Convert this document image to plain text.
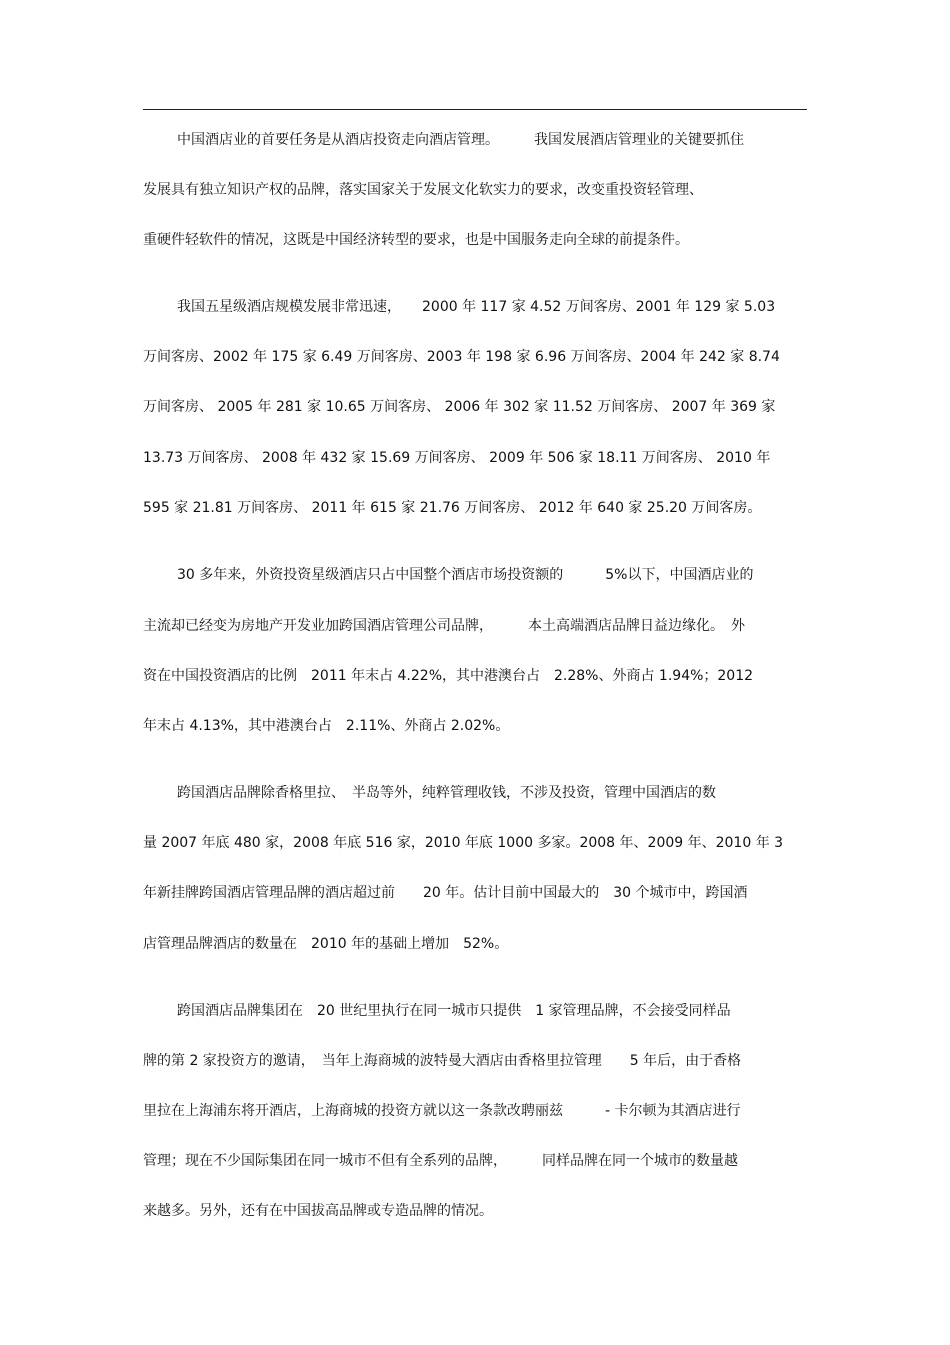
中国酒店业的首要任务是从酒店投资走向酒店管理。　　　我国发展酒店管理业的关键要抓住
发展具有独立知识产权的品牌，落实国家关于发展文化软实力的要求，改变重投资轻管理、
重硬件轻软件的情况，这既是中国经济转型的要求，也是中国服务走向全球的前提条件。
我国五星级酒店规模发展非常迅速，　　2000 年 117 家 4.52 万间客房、2001 年 129 家 5.03
万间客房、2002 年 175 家 6.49 万间客房、2003 年 198 家 6.96 万间客房、2004 年 242 家 8.74
万间客房、 2005 年 281 家 10.65 万间客房、 2006 年 302 家 11.52 万间客房、 2007 年 369 家
13.73 万间客房、 2008 年 432 家 15.69 万间客房、 2009 年 506 家 18.11 万间客房、 2010 年
595 家 21.81 万间客房、 2011 年 615 家 21.76 万间客房、 2012 年 640 家 25.20 万间客房。
30 多年来，外资投资星级酒店只占中国整个酒店市场投资额的　　　5%以下，中国酒店业的
主流却已经变为房地产开发业加跨国酒店管理公司品牌，　　　本土高端酒店品牌日益边缘化。　外
资在中国投资酒店的比例　2011 年末占 4.22%，其中港澳台占　2.28%、外商占 1.94%；2012
年末占 4.13%，其中港澳台占　2.11%、外商占 2.02%。
跨国酒店品牌除香格里拉、　半岛等外，纯粹管理收钱，不涉及投资，管理中国酒店的数
量 2007 年底 480 家，2008 年底 516 家，2010 年底 1000 多家。2008 年、2009 年、2010 年 3
年新挂牌跨国酒店管理品牌的酒店超过前　　20 年。估计目前中国最大的　30 个城市中，跨国酒
店管理品牌酒店的数量在　2010 年的基础上增加　52%。
跨国酒店品牌集团在　20 世纪里执行在同一城市只提供　1 家管理品牌，不会接受同样品
牌的第 2 家投资方的邀请，　当年上海商城的波特曼大酒店由香格里拉管理　　5 年后，由于香格
里拉在上海浦东将开酒店，上海商城的投资方就以这一条款改聘丽兹　　　- 卡尔顿为其酒店进行
管理；现在不少国际集团在同一城市不但有全系列的品牌，　　　同样品牌在同一个城市的数量越
来越多。另外，还有在中国拔高品牌或专造品牌的情况。
